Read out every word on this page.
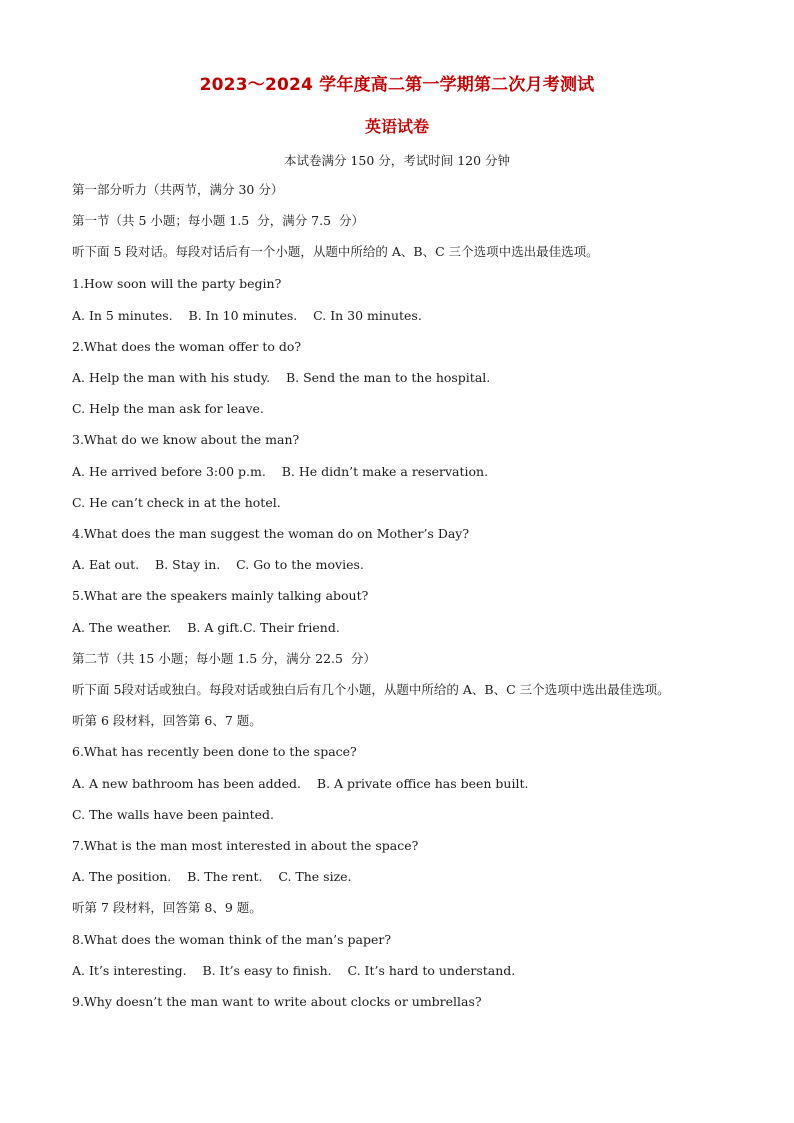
2023～2024 学年度高二第一学期第二次月考测试
英语试卷
本试卷满分 150 分，考试时间 120 分钟
第一部分听力（共两节，满分 30 分）
第一节（共 5 小题；每小题 1.5  分，满分 7.5  分）
听下面 5 段对话。每段对话后有一个小题，从题中所给的 A、B、C 三个选项中选出最佳选项。
1.How soon will the party begin?
A. In 5 minutes.    B. In 10 minutes.    C. In 30 minutes.
2.What does the woman offer to do?
A. Help the man with his study.    B. Send the man to the hospital.
C. Help the man ask for leave.
3.What do we know about the man?
A. He arrived before 3:00 p.m.    B. He didn’t make a reservation.
C. He can’t check in at the hotel.
4.What does the man suggest the woman do on Mother’s Day?
A. Eat out.    B. Stay in.    C. Go to the movies.
5.What are the speakers mainly talking about?
A. The weather.    B. A gift.C. Their friend.
第二节（共 15 小题；每小题 1.5 分，满分 22.5  分）
听下面 5段对话或独白。每段对话或独白后有几个小题，从题中所给的 A、B、C 三个选项中选出最佳选项。
听第 6 段材料，回答第 6、7 题。
6.What has recently been done to the space?
A. A new bathroom has been added.    B. A private office has been built.
C. The walls have been painted.
7.What is the man most interested in about the space?
A. The position.    B. The rent.    C. The size.
听第 7 段材料，回答第 8、9 题。
8.What does the woman think of the man’s paper?
A. It’s interesting.    B. It’s easy to finish.    C. It’s hard to understand.
9.Why doesn’t the man want to write about clocks or umbrellas?
